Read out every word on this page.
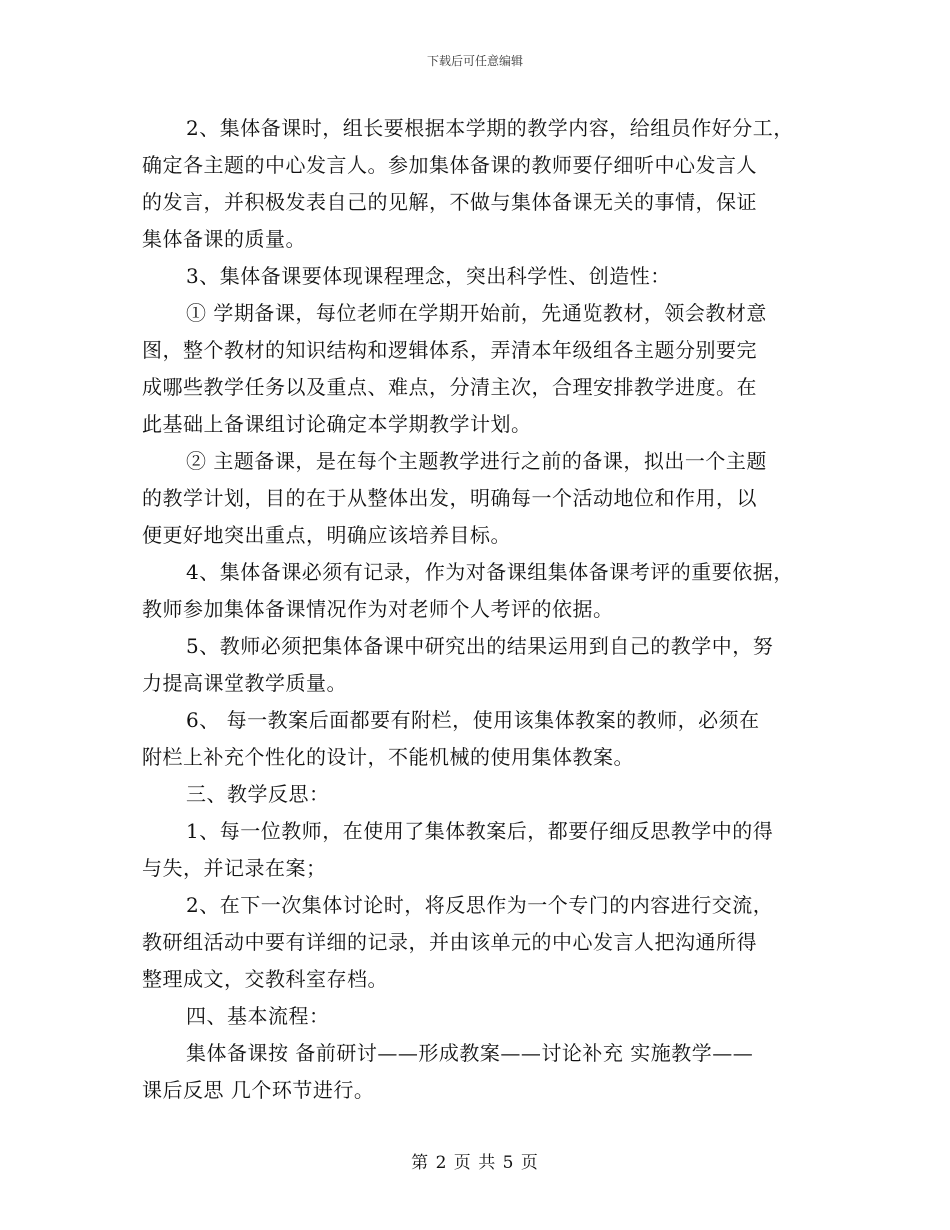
下载后可任意编辑
2、集体备课时，组长要根据本学期的教学内容，给组员作好分工，
确定各主题的中心发言人。参加集体备课的教师要仔细听中心发言人
的发言，并积极发表自己的见解，不做与集体备课无关的事情，保证
集体备课的质量。
3、集体备课要体现课程理念，突出科学性、创造性：
① 学期备课，每位老师在学期开始前，先通览教材，领会教材意
图，整个教材的知识结构和逻辑体系，弄清本年级组各主题分别要完
成哪些教学任务以及重点、难点，分清主次，合理安排教学进度。在
此基础上备课组讨论确定本学期教学计划。
② 主题备课，是在每个主题教学进行之前的备课，拟出一个主题
的教学计划，目的在于从整体出发，明确每一个活动地位和作用，以
便更好地突出重点，明确应该培养目标。
4、集体备课必须有记录，作为对备课组集体备课考评的重要依据，
教师参加集体备课情况作为对老师个人考评的依据。
5、教师必须把集体备课中研究出的结果运用到自己的教学中，努
力提高课堂教学质量。
6、 每一教案后面都要有附栏，使用该集体教案的教师，必须在
附栏上补充个性化的设计，不能机械的使用集体教案。
三、教学反思：
1、每一位教师，在使用了集体教案后，都要仔细反思教学中的得
与失，并记录在案；
2、在下一次集体讨论时，将反思作为一个专门的内容进行交流，
教研组活动中要有详细的记录，并由该单元的中心发言人把沟通所得
整理成文，交教科室存档。
四、基本流程：
集体备课按 备前研讨——形成教案——讨论补充 实施教学——
课后反思 几个环节进行。
第 2 页 共 5 页
